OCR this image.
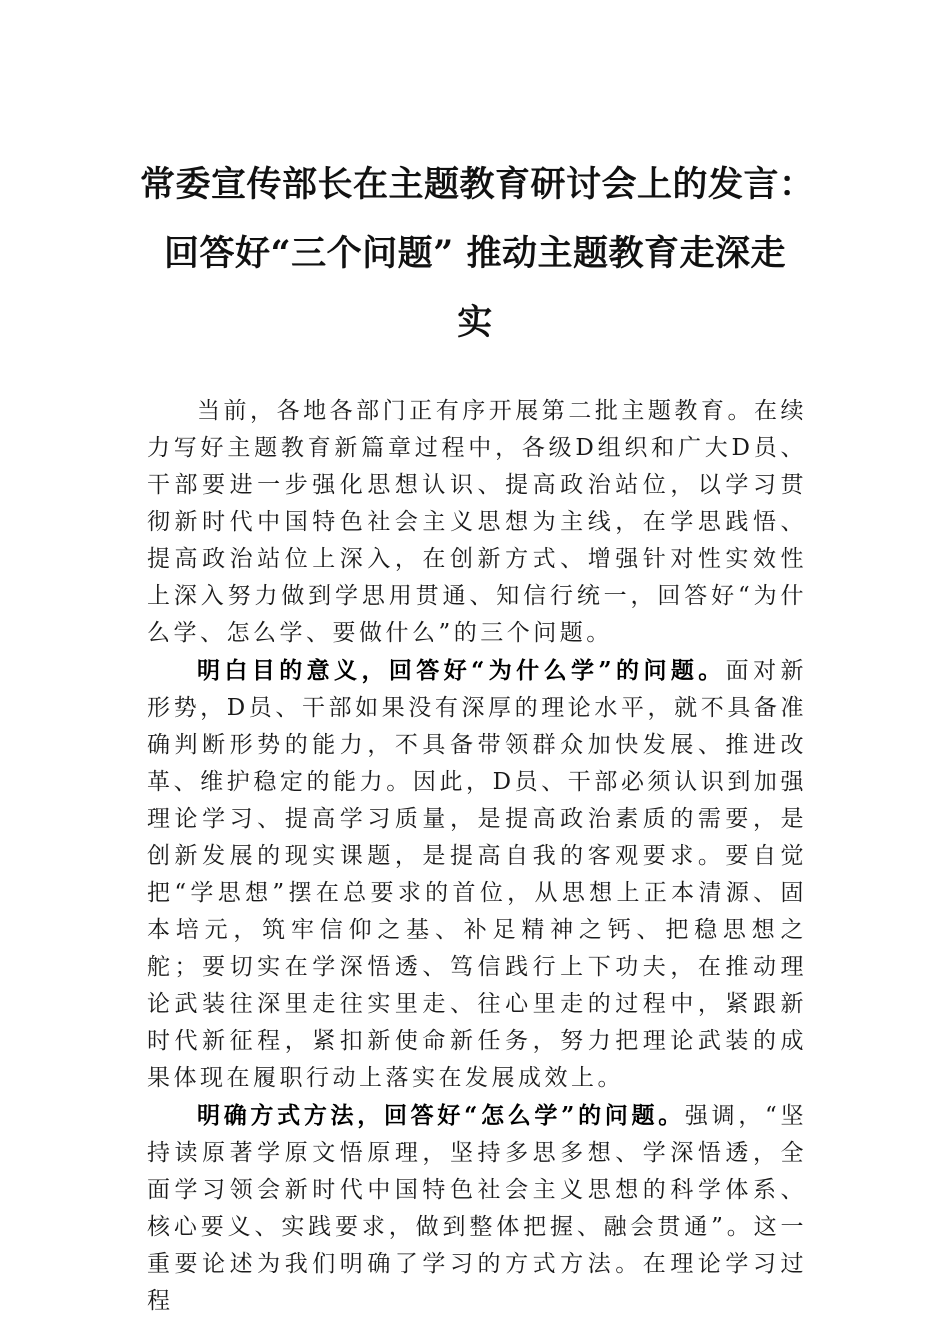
常委宣传部长在主题教育研讨会上的发言：
回答好“三个问题” 推动主题教育走深走
实

当前，各地各部门正有序开展第二批主题教育。在续力写好主题教育新篇章过程中，各级D组织和广大D员、干部要进一步强化思想认识、提高政治站位，以学习贯彻新时代中国特色社会主义思想为主线，在学思践悟、提高政治站位上深入，在创新方式、增强针对性实效性上深入努力做到学思用贯通、知信行统一，回答好“为什么学、怎么学、要做什么”的三个问题。

明白目的意义，回答好“为什么学”的问题。面对新形势，D员、干部如果没有深厚的理论水平，就不具备准确判断形势的能力，不具备带领群众加快发展、推进改革、维护稳定的能力。因此，D员、干部必须认识到加强理论学习、提高学习质量，是提高政治素质的需要，是创新发展的现实课题，是提高自我的客观要求。要自觉把“学思想”摆在总要求的首位，从思想上正本清源、固本培元，筑牢信仰之基、补足精神之钙、把稳思想之舵；要切实在学深悟透、笃信践行上下功夫，在推动理论武装往深里走往实里走、往心里走的过程中，紧跟新时代新征程，紧扣新使命新任务，努力把理论武装的成果体现在履职行动上落实在发展成效上。

明确方式方法，回答好“怎么学”的问题。强调，“坚持读原著学原文悟原理，坚持多思多想、学深悟透，全面学习领会新时代中国特色社会主义思想的科学体系、核心要义、实践要求，做到整体把握、融会贯通”。这一重要论述为我们明确了学习的方式方法。在理论学习过程
